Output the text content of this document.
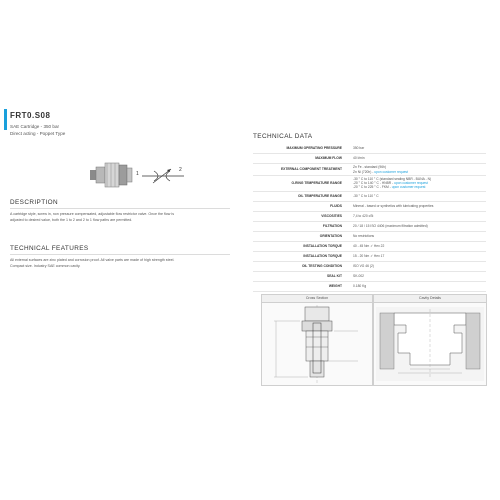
FRT0.S08
SAE Cartridge - 350 bar
Direct acting - Poppet Type
1
2
DESCRIPTION
A cartridge style, screw in, non pressure compensated, adjustable flow restrictor valve. Once the flow is
adjusted to desired value, both the 1 to 2 and 2 to 1 flow paths are permitted.
TECHNICAL FEATURES
All external surfaces are zinc plated and corrosion proof. All valve parts are made of high strength steel.
Compact size. Industry SAE common cavity.
TECHNICAL DATA
MAXIMUM OPERATING PRESSURE	350 bar
MAXIMUM FLOW	40 l/min
EXTERNAL COMPONENT TREATMENT	Zn Fe - standard (96h)
Zn Ni (720h) - upon customer request
O-RING TEMPERATURE RANGE
-30 ° C to 110 ° C (standard sealing NBR - BUNA - N)
-20 ° C to 140 ° C - HNBR - upon customer request
-20 ° C to 225 ° C - FKM - upon customer request
OIL TEMPERATURE RANGE	-30 ° C to 110 ° C
FLUIDS	Mineral - based or synthetics with lubricating properties
VISCOSITIES	7,4 to 420 cSt
FILTRATION	20 / 18 / 15 ISO 4406 (maximum filtration admitted)
ORIENTATION	No restrictions
INSTALLATION TORQUE	40 - 45 Nm ✓ Hex 22
INSTALLATION TORQUE	15 - 20 Nm ✓ Hex 17
OIL TESTING CONDITION	ISO VG 46 (2)
SEAL KIT	SK-002
WEIGHT	0.180 Kg
Cross Section	Cavity Details
